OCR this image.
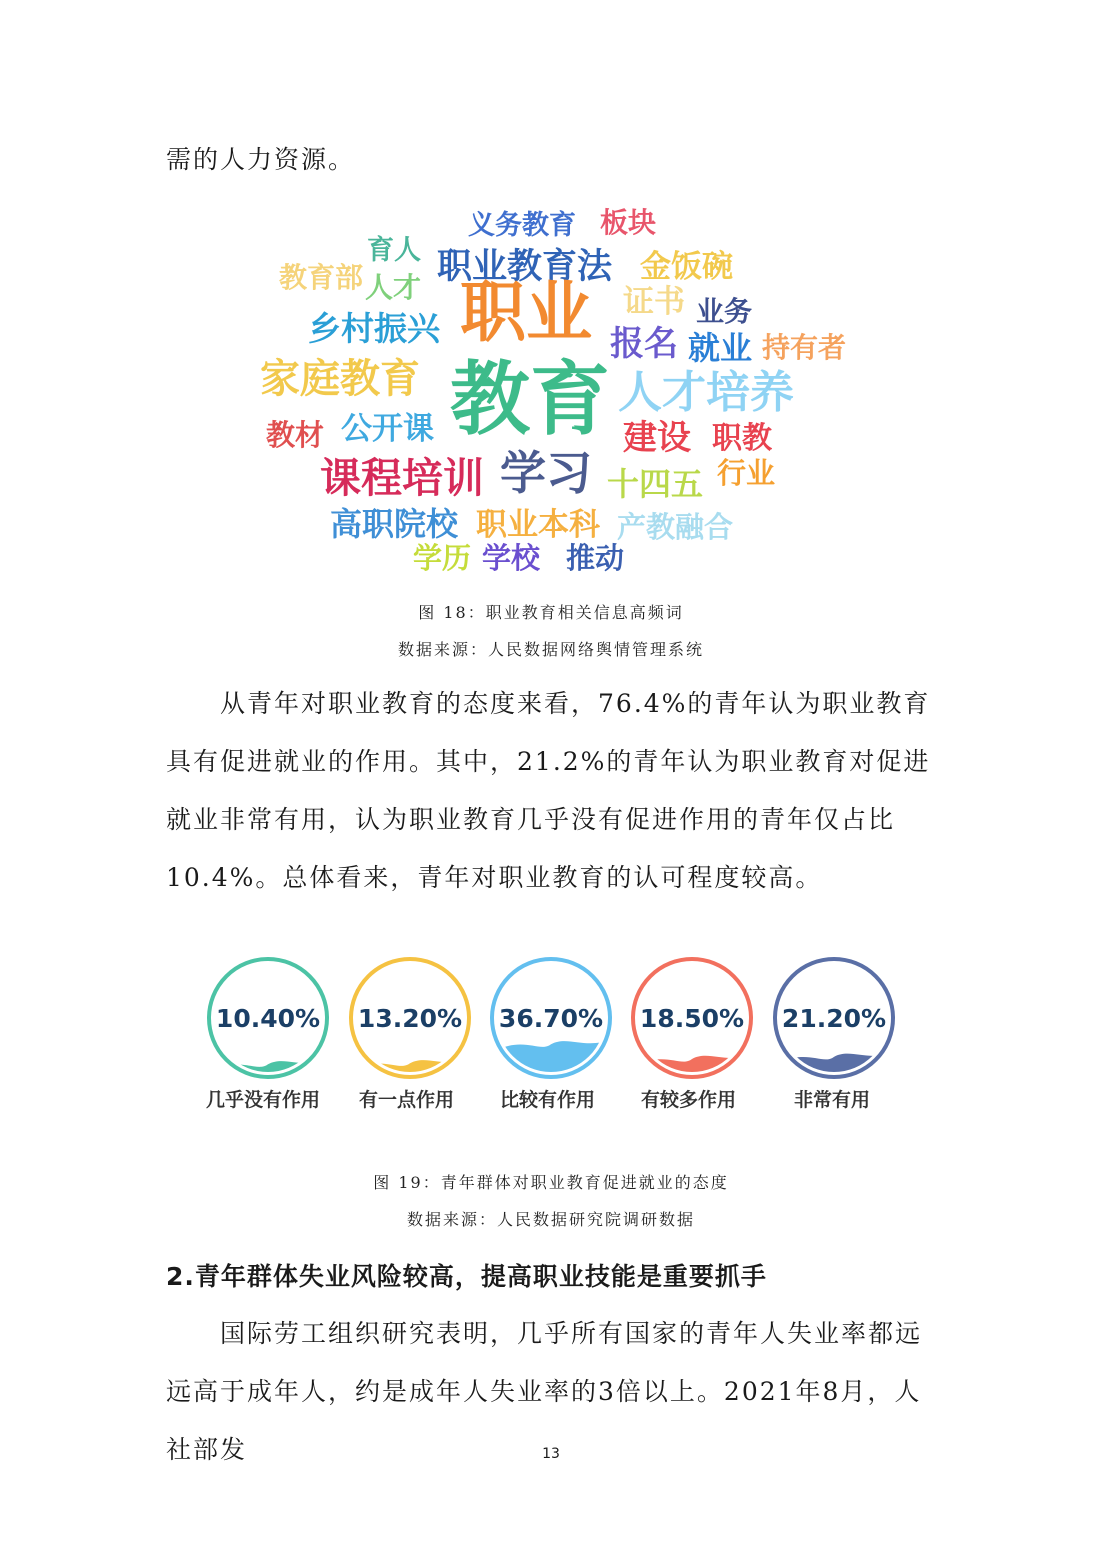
需的人力资源。
义务教育 板块
育人 职业教育法 金饭碗
教育部 人才	证书 业务
乡村振兴 职业 报名 就业 持有者
家庭教育 教育 人才培养
教材 公开课	建设 职教
课程培训 学习 十四五 行业
高职院校 职业本科 产教融合
学历 学校 推动
图 18：职业教育相关信息高频词
数据来源：人民数据网络舆情管理系统
从青年对职业教育的态度来看，76.4%的青年认为职业教育具有促进就业的作用。其中，21.2%的青年认为职业教育对促进就业非常有用，认为职业教育几乎没有促进作用的青年仅占比10.4%。总体看来，青年对职业教育的认可程度较高。
10.40%
几乎没有作用
13.20%
有一点作用
36.70%
比较有作用
18.50%
有较多作用
21.20%
非常有用
图 19：青年群体对职业教育促进就业的态度
数据来源：人民数据研究院调研数据
2.青年群体失业风险较高，提高职业技能是重要抓手
国际劳工组织研究表明，几乎所有国家的青年人失业率都远远高于成年人，约是成年人失业率的3倍以上。2021年8月，人社部发	13
